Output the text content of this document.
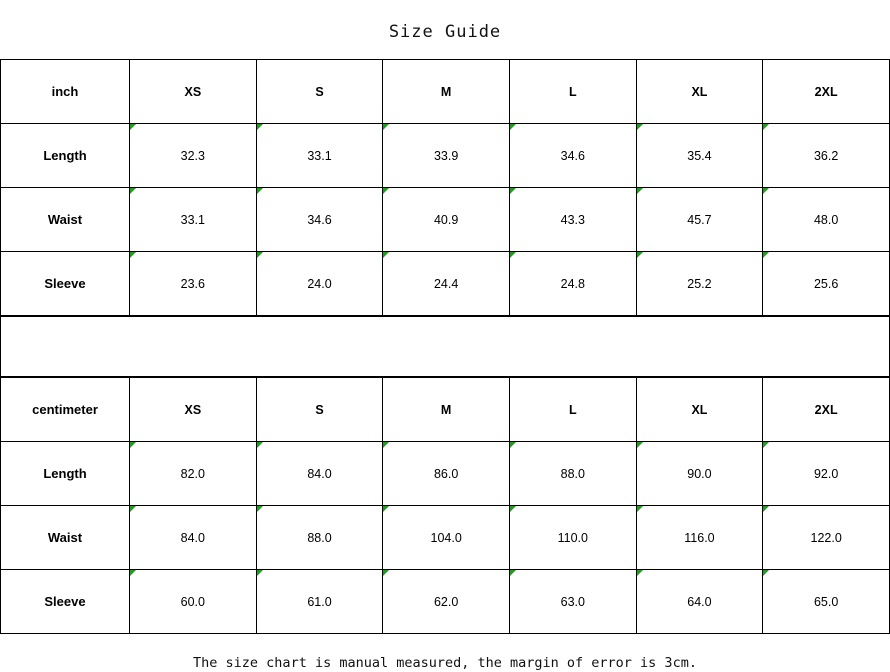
Size Guide
inch	XS	S	M	L	XL	2XL
Length	32.3	33.1	33.9	34.6	35.4	36.2
Waist	33.1	34.6	40.9	43.3	45.7	48.0
Sleeve	23.6	24.0	24.4	24.8	25.2	25.6
centimeter	XS	S	M	L	XL	2XL
Length	82.0	84.0	86.0	88.0	90.0	92.0
Waist	84.0	88.0	104.0	110.0	116.0	122.0
Sleeve	60.0	61.0	62.0	63.0	64.0	65.0
The size chart is manual measured, the margin of error is 3cm.
